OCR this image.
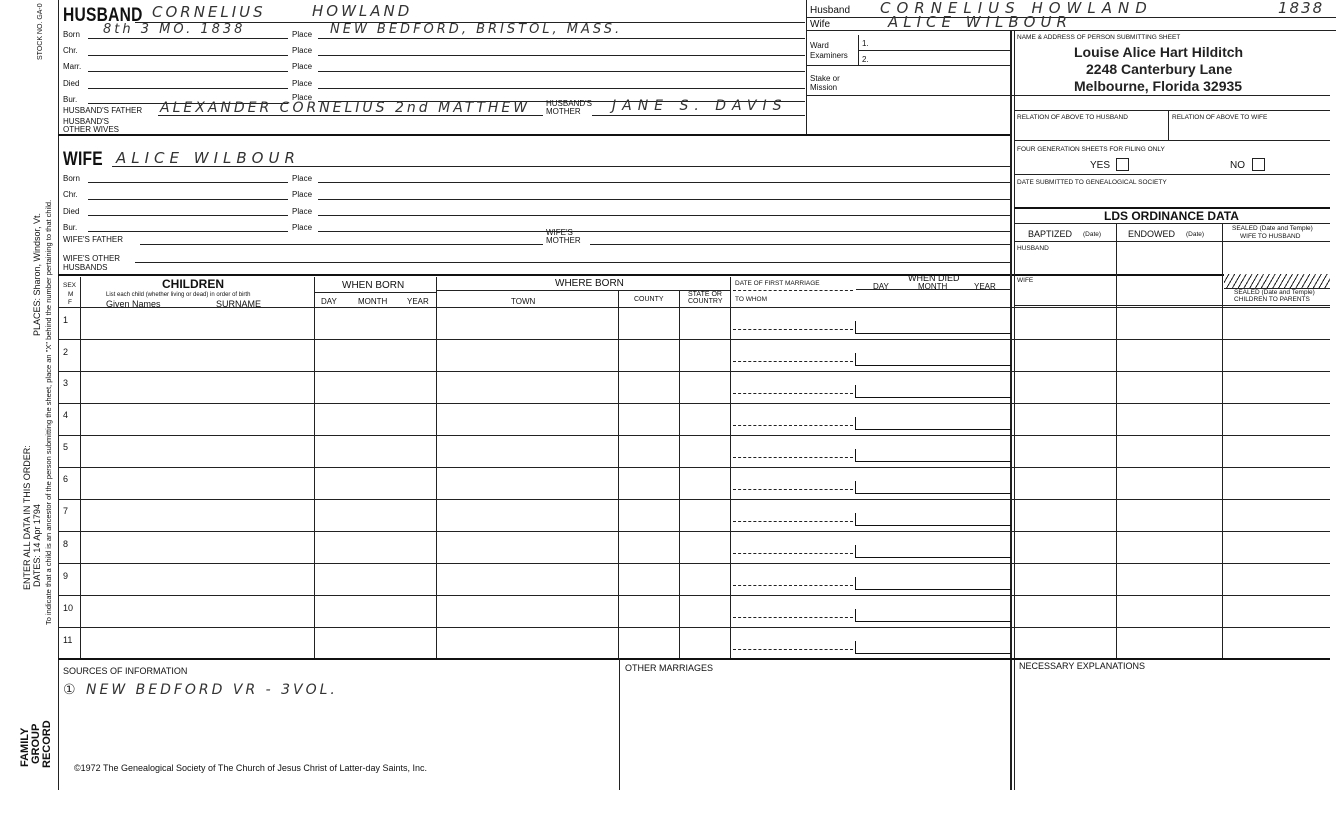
STOCK NO. GA-0
PLACES: Sharon, Windsor, Vt. To indicate that a child is an ancestor of the person submitting the sheet, place an "X" behind the number pertaining to that child.
ENTER ALL DATA IN THIS ORDER: DATES: 14 Apr 1794
FAMILY GROUP RECORD
HUSBAND CORNELIUS	HOWLAND
Born 8th 3 MO. 1838	Place NEW BEDFORD, BRISTOL, MASS.
Chr.	Place
Marr.	Place
Died	Place
Bur.	Place
HUSBAND'S FATHER ALEXANDER CORNELIUS 2nd MATTHEW HUSBAND'S
MOTHER JANE S. DAVIS
HUSBAND'S
OTHER WIVES
WIFE ALICE WILBOUR
Born	Place
Chr.	Place
Died	Place
Bur.	Place
WIFE'S FATHER
WIFE'S
MOTHER
WIFE'S OTHER
HUSBANDS
Husband CORNELIUS HOWLAND	1838
Wife	ALICE WILBOUR
Ward
Examiners
1.
2.
Stake or
Mission
NAME & ADDRESS OF PERSON SUBMITTING SHEET
Louise Alice Hart Hilditch
2248 Canterbury Lane
Melbourne, Florida 32935
RELATION OF ABOVE TO HUSBAND	RELATION OF ABOVE TO WIFE
FOUR GENERATION SHEETS FOR FILING ONLY
YES	NO
DATE SUBMITTED TO GENEALOGICAL SOCIETY
LDS ORDINANCE DATA
BAPTIZED (Date)	ENDOWED (Date)
SEALED (Date and Temple)
WIFE TO HUSBAND
HUSBAND
WIFE
SEALED (Date and Temple)
CHILDREN TO PARENTS
SEX
M
F
CHILDREN
List each child (whether living or dead) in order of birth
Given Names	SURNAME
WHEN BORN
DAY	MONTH YEAR
WHERE BORN
TOWN	COUNTY
STATE OR
COUNTRY
DATE OF FIRST MARRIAGE
TO WHOM
WHEN DIED
DAY	MONTH	YEAR
1
2
3
4
5
6
7
8
9
10
11
SOURCES OF INFORMATION
① NEW BEDFORD VR - 3VOL.
OTHER MARRIAGES	NECESSARY EXPLANATIONS
©1972 The Genealogical Society of The Church of Jesus Christ of Latter-day Saints, Inc.
